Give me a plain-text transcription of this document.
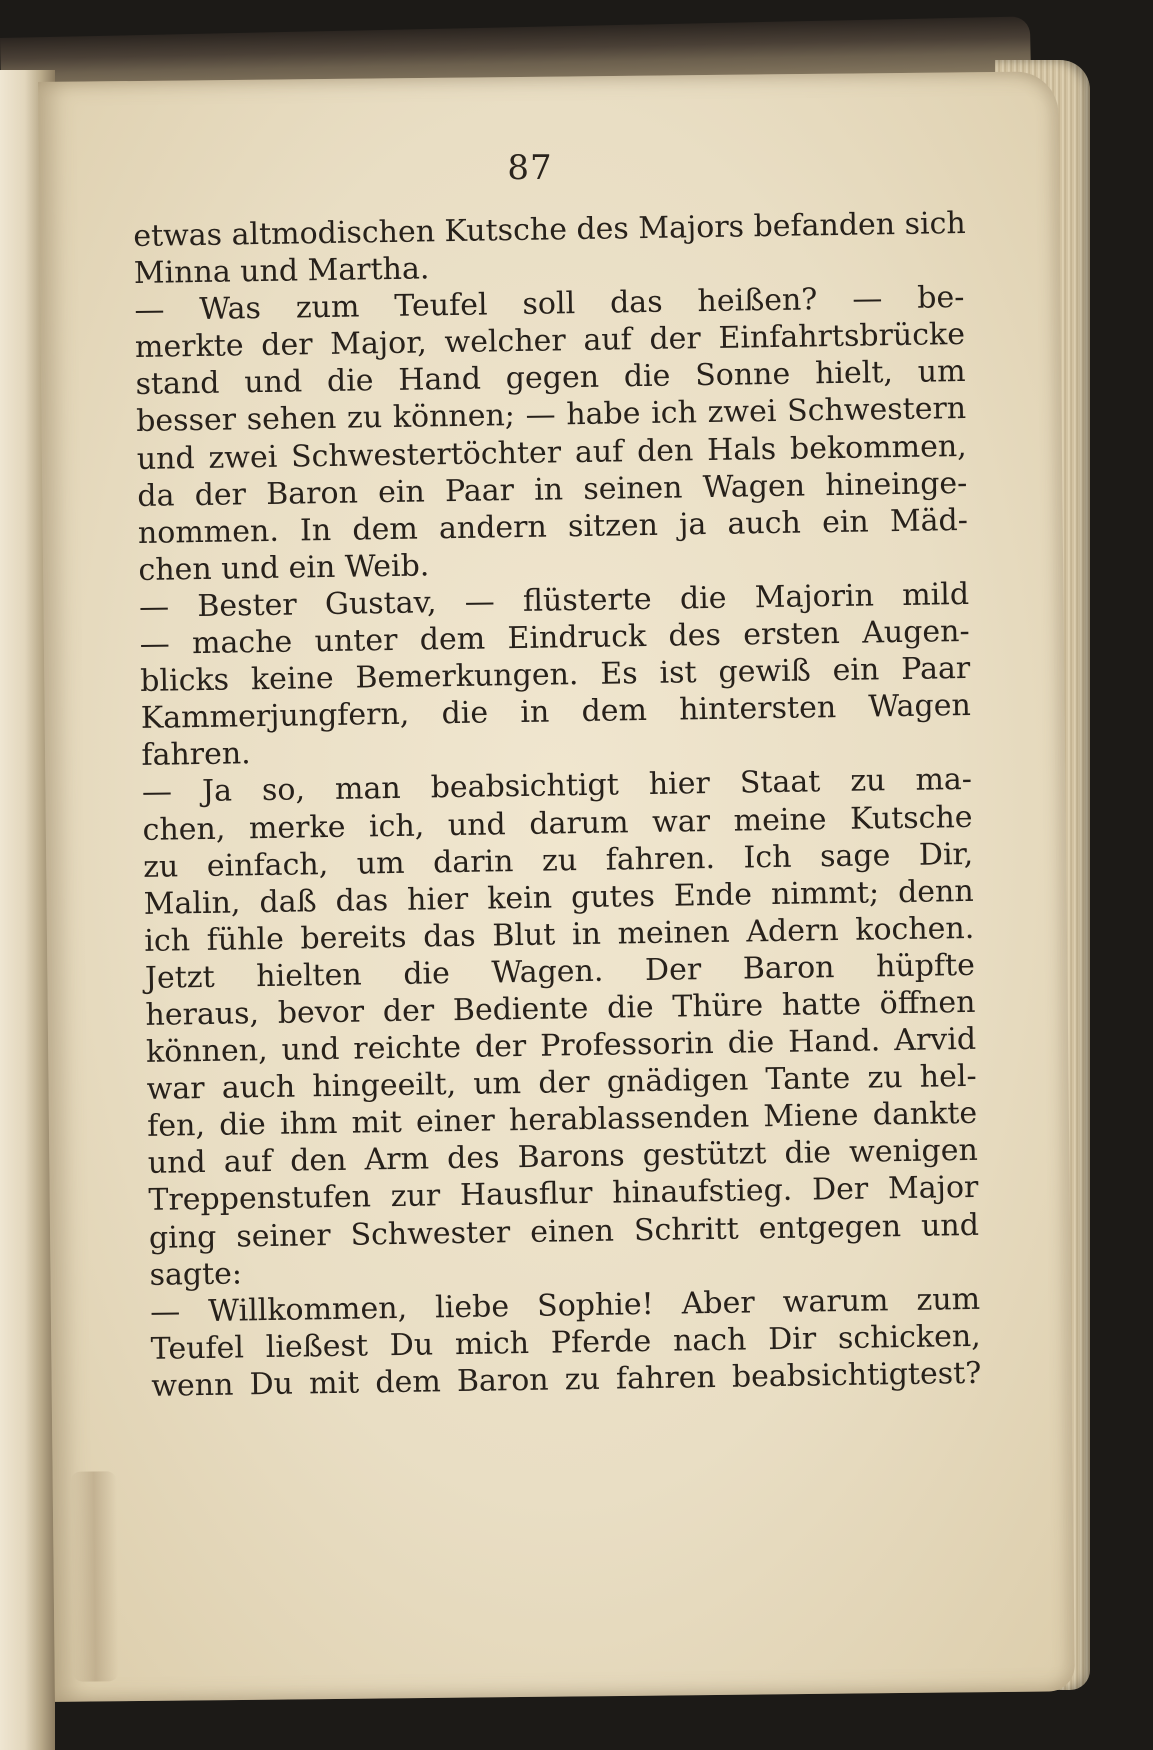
87
etwas altmodischen Kutsche des Majors befanden sich
Minna und Martha.
— Was zum Teufel soll das heißen? — be-
merkte der Major, welcher auf der Einfahrtsbrücke
stand und die Hand gegen die Sonne hielt, um
besser sehen zu können; — habe ich zwei Schwestern
und zwei Schwestertöchter auf den Hals bekommen,
da der Baron ein Paar in seinen Wagen hineinge-
nommen. In dem andern sitzen ja auch ein Mäd-
chen und ein Weib.
— Bester Gustav, — flüsterte die Majorin mild
— mache unter dem Eindruck des ersten Augen-
blicks keine Bemerkungen. Es ist gewiß ein Paar
Kammerjungfern, die in dem hintersten Wagen
fahren.
— Ja so, man beabsichtigt hier Staat zu ma-
chen, merke ich, und darum war meine Kutsche
zu einfach, um darin zu fahren. Ich sage Dir,
Malin, daß das hier kein gutes Ende nimmt; denn
ich fühle bereits das Blut in meinen Adern kochen.
Jetzt hielten die Wagen. Der Baron hüpfte
heraus, bevor der Bediente die Thüre hatte öffnen
können, und reichte der Professorin die Hand. Arvid
war auch hingeeilt, um der gnädigen Tante zu hel-
fen, die ihm mit einer herablassenden Miene dankte
und auf den Arm des Barons gestützt die wenigen
Treppenstufen zur Hausflur hinaufstieg. Der Major
ging seiner Schwester einen Schritt entgegen und
sagte:
— Willkommen, liebe Sophie! Aber warum zum
Teufel ließest Du mich Pferde nach Dir schicken,
wenn Du mit dem Baron zu fahren beabsichtigtest?
